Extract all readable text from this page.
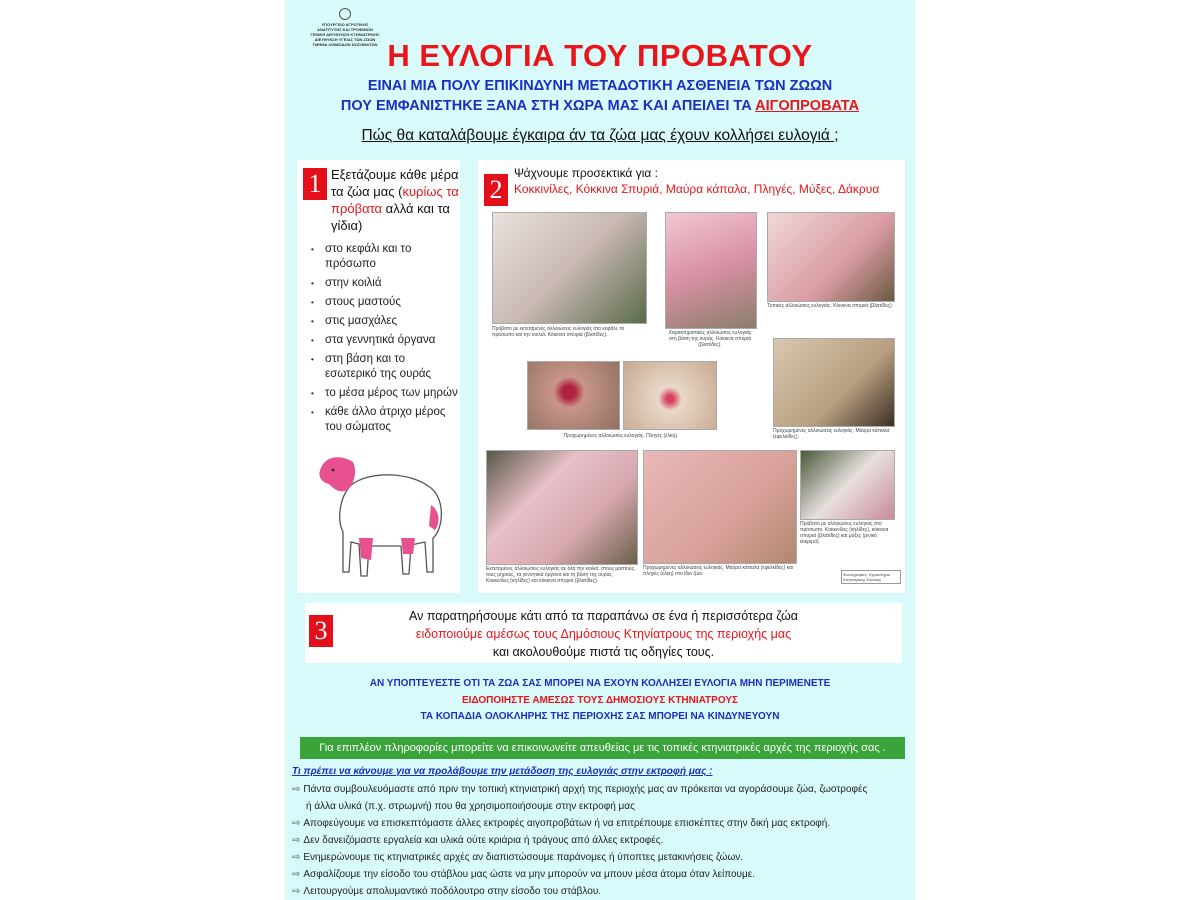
ΥΠΟΥΡΓΕΙΟ ΑΓΡΟΤΙΚΗΣ
ΑΝΑΠΤΥΞΗΣ ΚΑΙ ΤΡΟΦΙΜΩΝ
ΓΕΝΙΚΗ ΔΙΕΥΘΥΝΣΗ ΚΤΗΝΙΑΤΡΙΚΗΣ
ΔΙΕΥΘΥΝΣΗ ΥΓΕΙΑΣ ΤΩΝ ΖΩΩΝ
ΤΜΗΜΑ ΛΟΙΜΩΔΩΝ ΝΟΣΗΜΑΤΩΝ Η ΕΥΛΟΓΙΑ ΤΟΥ ΠΡΟΒΑΤΟΥ
ΕΙΝΑΙ ΜΙΑ ΠΟΛΥ ΕΠΙΚΙΝΔΥΝΗ ΜΕΤΑΔΟΤΙΚΗ ΑΣΘΕΝΕΙΑ ΤΩΝ ΖΩΩΝ
ΠΟΥ ΕΜΦΑΝΙΣΤΗΚΕ ΞΑΝΑ ΣΤΗ ΧΩΡΑ ΜΑΣ ΚΑΙ ΑΠΕΙΛΕΙ ΤΑ ΑΙΓΟΠΡΟΒΑΤΑ
Πώς θα καταλάβουμε έγκαιρα άν τα ζώα μας έχουν κολλήσει ευλογιά ;
1 Εξετάζουμε κάθε μέρα τα ζώα μας (κυρίως τα πρόβατα αλλά και τα γίδια)
• στο κεφάλι και το πρόσωπο
• στην κοιλιά
• στους μαστούς
• στις μασχάλες
• στα γεννητικά όργανα
• στη βάση και το εσωτερικό της ουράς
• το μέσα μέρος των μηρών
• κάθε άλλο άτριχο μέρος του σώματος
2
Ψάχνουμε προσεκτικά για :
Κοκκινίλες, Κόκκινα Σπυριά, Μαύρα κάπαλα, Πληγές, Μύξες, Δάκρυα
Πρόβατο με εκτεταμένες αλλοιώσεις ευλογιάς στο κεφάλι, το πρόσωπο και την κοιλιά. Κόκκινα σπυριά (βλατίδες).	Χαρακτηριστικές αλλοιώσεις ευλογιάς στη βάση της ουράς. Κόκκινα σπυριά (βλατίδες).
Τυπικές αλλοιώσεις ευλογιάς. Κόκκινα σπυριά (βλατίδες).
Προχωρημένες αλλοιώσεις ευλογιάς. Πληγές (έλκη).
Προχωρημένες αλλοιώσεις ευλογιάς. Μαύρα κάπαλα (εφελκίδες).
Εκτεταμένες αλλοιώσεις ευλογιάς σε όλη την κοιλιά, στους μαστούς, τους μηρούς, τα γεννητικά όργανα και τη βάση της ουράς. Κοκκινίλες (κηλίδες) και κόκκινα σπυριά (βλατίδες).
Προχωρημένες αλλοιώσεις ευλογιάς. Μαύρα κάπαλα (εφελκίδες) και πληγές (έλκη) στο ίδιο ζώο.
Πρόβατο με αλλοιώσεις ευλογιάς στο πρόσωπο. Κοκκινίλες (κηλίδες), κόκκινα σπυριά (βλατίδες) και μύξες (ρινικό έκκριμα).
Φωτογραφίες: Εργαστήριο Κτηνιατρικής Κλινικής
3	Αν παρατηρήσουμε κάτι από τα παραπάνω σε ένα ή περισσότερα ζώα
ειδοποιούμε αμέσως τους Δημόσιους Κτηνίατρους της περιοχής μας
και ακολουθούμε πιστά τις οδηγίες τους.
ΑΝ ΥΠΟΠΤΕΥΕΣΤΕ ΟΤΙ ΤΑ ΖΩΑ ΣΑΣ ΜΠΟΡΕΙ ΝΑ ΕΧΟΥΝ ΚΟΛΛΗΣΕΙ ΕΥΛΟΓΙΑ ΜΗΝ ΠΕΡΙΜΕΝΕΤΕ
ΕΙΔΟΠΟΙΗΣΤΕ ΑΜΕΣΩΣ ΤΟΥΣ ΔΗΜΟΣΙΟΥΣ ΚΤΗΝΙΑΤΡΟΥΣ
ΤΑ ΚΟΠΑΔΙΑ ΟΛΟΚΛΗΡΗΣ ΤΗΣ ΠΕΡΙΟΧΗΣ ΣΑΣ ΜΠΟΡΕΙ ΝΑ ΚΙΝΔΥΝΕΥΟΥΝ
Για επιπλέον πληροφορίες μπορείτε να επικοινωνείτε απευθείας με τις τοπικές κτηνιατρικές αρχές της περιοχής σας .
Τι πρέπει να κάνουμε για να προλάβουμε την μετάδοση της ευλογιάς στην εκτροφή μας :
⇨ Πάντα συμβουλευόμαστε από πριν την τοπική κτηνιατρική αρχή της περιοχής μας αν πρόκειται να αγοράσουμε ζώα, ζωοτροφές
ή άλλα υλικά (π.χ. στρωμνή) που θα χρησιμοποιήσουμε στην εκτροφή μας
⇨ Αποφεύγουμε να επισκεπτόμαστε άλλες εκτροφές αιγοπροβάτων ή να επιτρέπουμε επισκέπτες στην δική μας εκτροφή.
⇨ Δεν δανειζόμαστε εργαλεία και υλικά ούτε κριάρια ή τράγους από άλλες εκτροφές.
⇨ Ενημερώνουμε τις κτηνιατρικές αρχές αν διαπιστώσουμε παράνομες ή ύποπτες μετακινήσεις ζώων.
⇨ Ασφαλίζουμε την είσοδο του στάβλου μας ώστε να μην μπορούν να μπουν μέσα άτομα όταν λείπουμε.
⇨ Λειτουργούμε απολυμαντικό ποδόλουτρο στην είσοδο του στάβλου.
